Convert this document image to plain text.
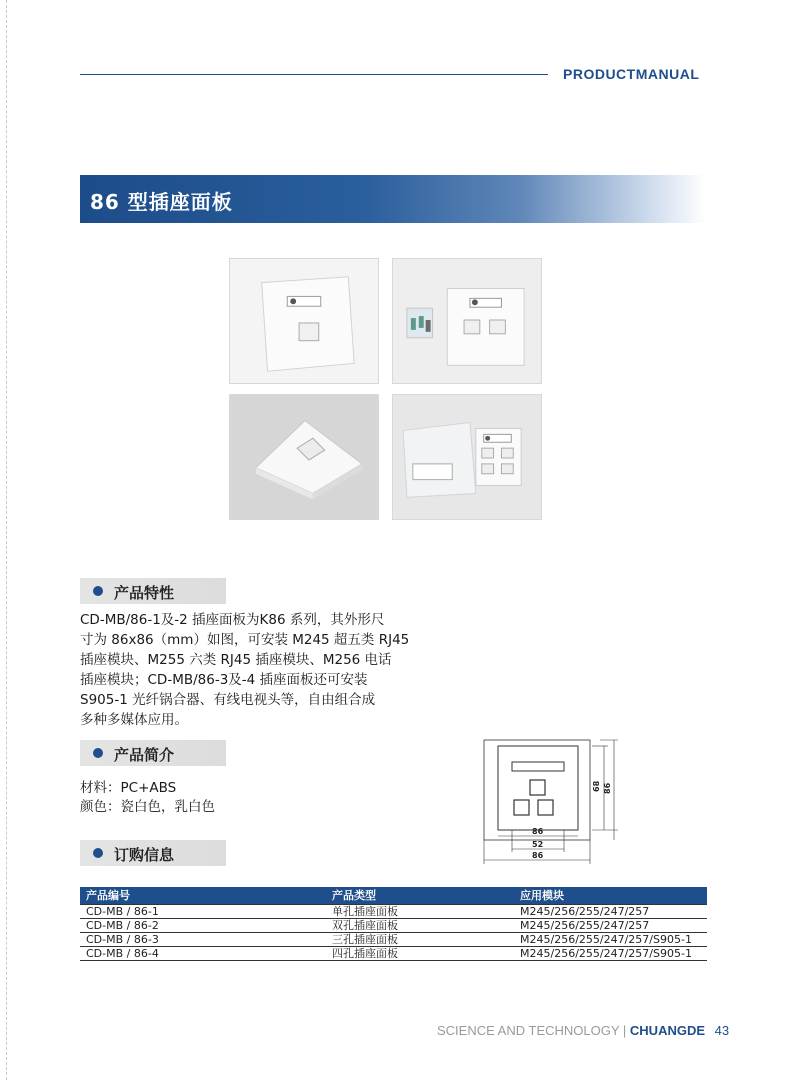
PRODUCTMANUAL
86 型插座面板
产品特性
CD-MB/86-1及-2 插座面板为K86 系列，其外形尺
寸为 86x86（mm）如图，可安装 M245 超五类 RJ45
插座模块、M255 六类 RJ45 插座模块、M256 电话
插座模块；CD-MB/86-3及-4 插座面板还可安装
S905-1 光纤锅合器、有线电视头等，自由组合成
多种多媒体应用。
产品简介
材料：PC+ABS
颜色：瓷白色，乳白色
68 86
86
52
86
订购信息
产品编号	产品类型	应用模块
CD-MB / 86-1	单孔插座面板	M245/256/255/247/257
CD-MB / 86-2	双孔插座面板	M245/256/255/247/257
CD-MB / 86-3	三孔插座面板	M245/256/255/247/257/S905-1
CD-MB / 86-4	四孔插座面板	M245/256/255/247/257/S905-1
SCIENCE AND TECHNOLOGY | CHUANGDE 43
